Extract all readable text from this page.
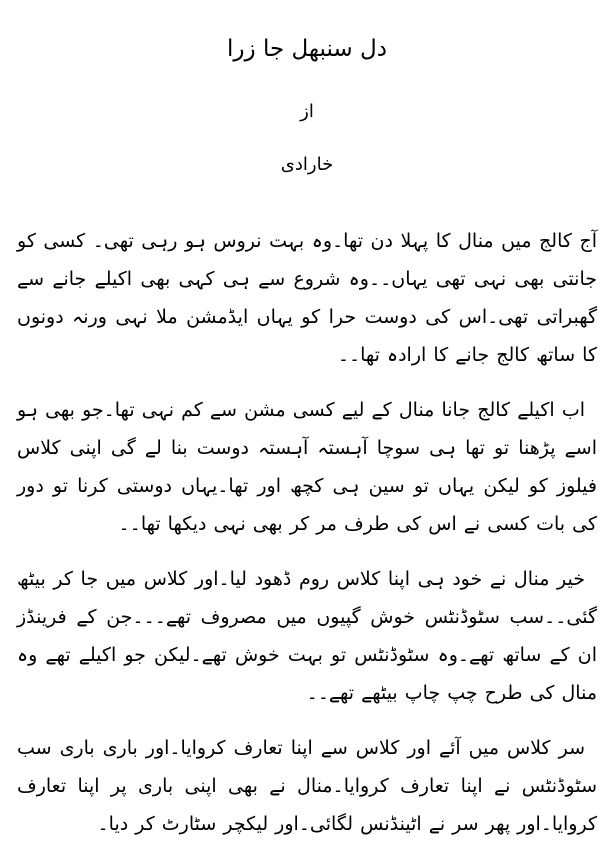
دل سنبھل جا زرا
از
خارادی

آج کالج میں منال کا پہلا دن تھا۔وہ بہت نروس ہو رہی تھی۔ کسی کو جانتی بھی نہی تھی یہاں۔۔وہ شروع سے ہی کہی بھی اکیلے جانے سے گھبراتی تھی۔اس کی دوست حرا کو یہاں ایڈمشن ملا نہی ورنہ دونوں کا ساتھ کالج جانے کا ارادہ تھا۔۔

اب اکیلے کالج جانا منال کے لیے کسی مشن سے کم نہی تھا۔جو بھی ہو اسے پڑھنا تو تھا ہی سوچا آہستہ آہستہ دوست بنا لے گی اپنی کلاس فیلوز کو لیکن یہاں تو سین ہی کچھ اور تھا۔یہاں دوستی کرنا تو دور کی بات کسی نے اس کی طرف مر کر بھی نہی دیکھا تھا۔۔

خیر منال نے خود ہی اپنا کلاس روم ڈھود لیا۔اور کلاس میں جا کر بیٹھ گئی۔۔سب سٹوڈنٹس خوش گپیوں میں مصروف تھے۔۔۔جن کے فرینڈز ان کے ساتھ تھے۔وہ سٹوڈنٹس تو بہت خوش تھے۔لیکن جو اکیلے تھے وہ منال کی طرح چپ چاپ بیٹھے تھے۔۔

سر کلاس میں آئے اور کلاس سے اپنا تعارف کروایا۔اور باری باری سب سٹوڈنٹس نے اپنا تعارف کروایا۔منال نے بھی اپنی باری پر اپنا تعارف کروایا۔اور پھر سر نے اٹینڈنس لگائی۔اور لیکچر سٹارٹ کر دیا۔
